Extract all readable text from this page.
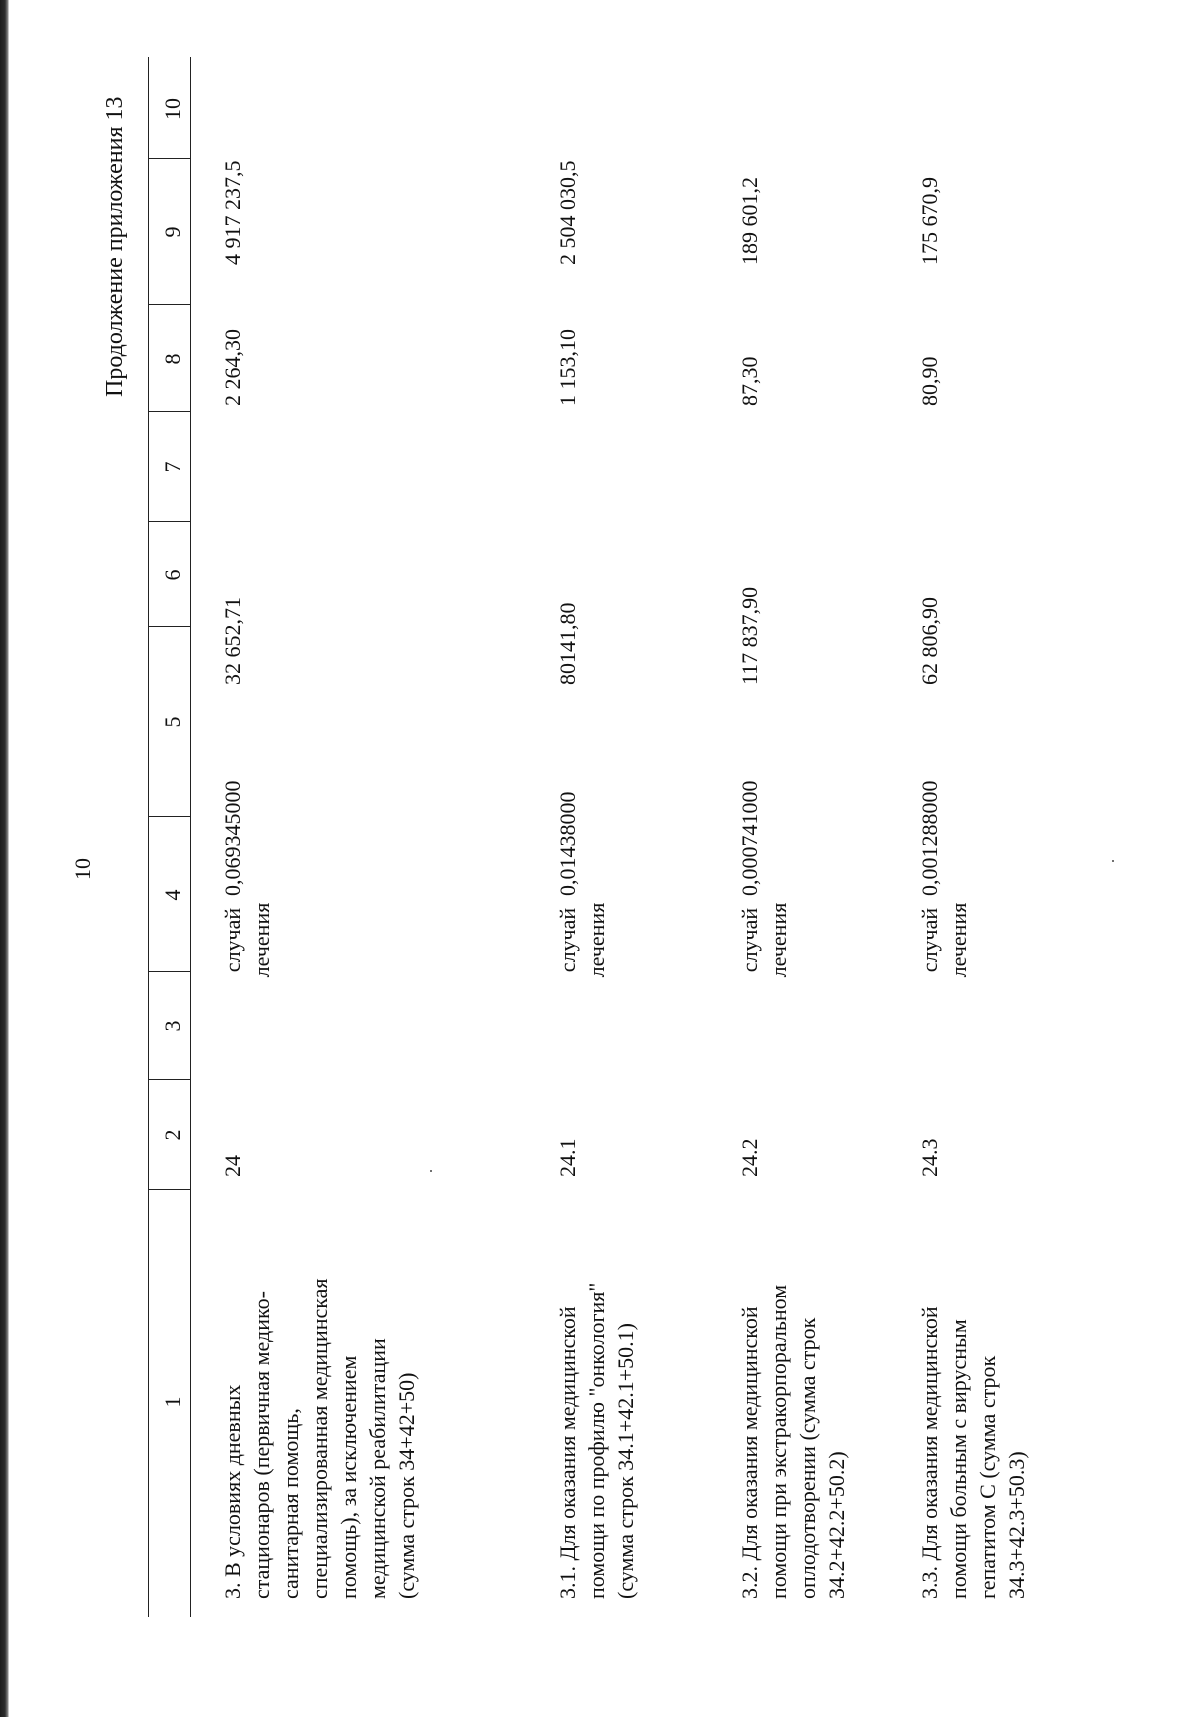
10
Продолжение приложения 13
1
2
3
4
5
6
7
8
9
10
3. В условиях дневных стационаров (первичная медико-санитарная помощь, специализированная медицинская помощь), за исключением медицинской реабилитации (сумма строк 34+42+50)
24
случай лечения
0,069345000
32 652,71
2 264,30
4 917 237,5
3.1. Для оказания медицинской помощи по профилю "онкология" (сумма строк 34.1+42.1+50.1)
24.1
случай лечения
0,01438000
80141,80
1 153,10
2 504 030,5
3.2. Для оказания медицинской помощи при экстракорпоральном оплодотворении (сумма строк 34.2+42.2+50.2)
24.2
случай лечения
0,000741000
117 837,90
87,30
189 601,2
3.3. Для оказания медицинской помощи больным с вирусным гепатитом С (сумма строк 34.3+42.3+50.3)
24.3
случай лечения
0,001288000
62 806,90
80,90
175 670,9
